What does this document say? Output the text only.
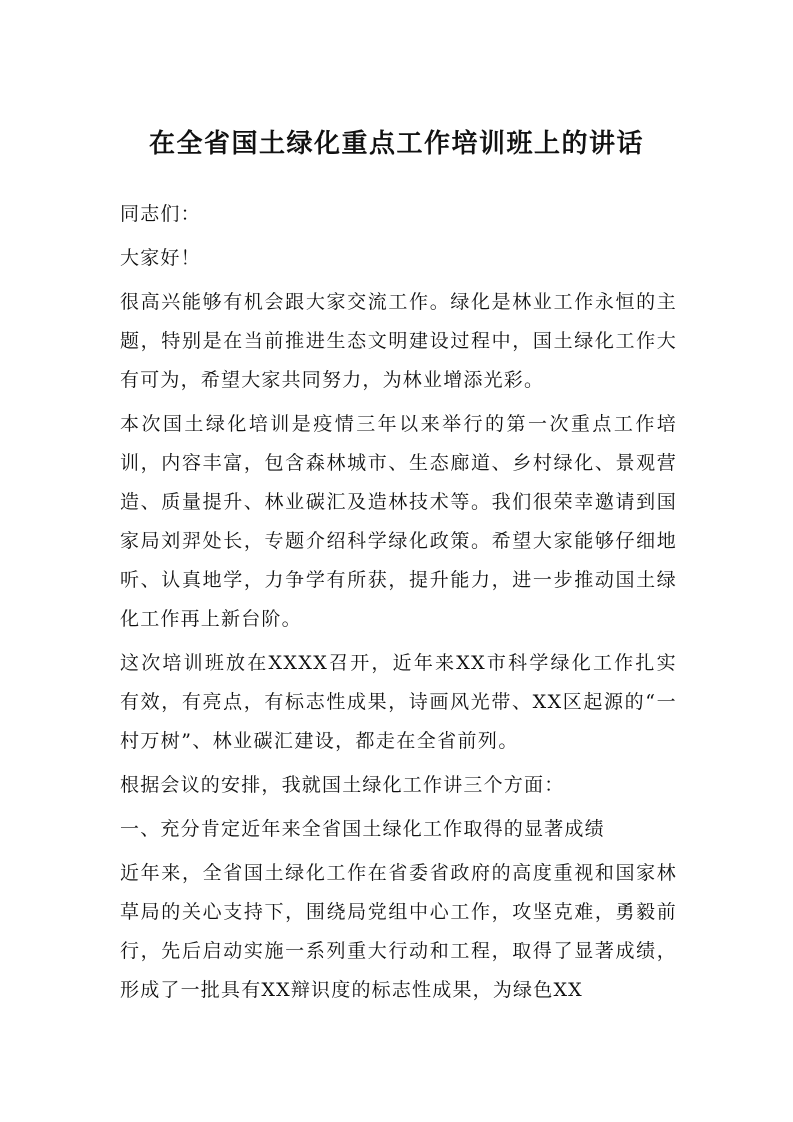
在全省国土绿化重点工作培训班上的讲话

同志们：

大家好！

很高兴能够有机会跟大家交流工作。绿化是林业工作永恒的主题，特别是在当前推进生态文明建设过程中，国土绿化工作大有可为，希望大家共同努力，为林业增添光彩。

本次国土绿化培训是疫情三年以来举行的第一次重点工作培训，内容丰富，包含森林城市、生态廊道、乡村绿化、景观营造、质量提升、林业碳汇及造林技术等。我们很荣幸邀请到国家局刘羿处长，专题介绍科学绿化政策。希望大家能够仔细地听、认真地学，力争学有所获，提升能力，进一步推动国土绿化工作再上新台阶。

这次培训班放在XXXX召开，近年来XX市科学绿化工作扎实有效，有亮点，有标志性成果，诗画风光带、XX区起源的“一村万树”、林业碳汇建设，都走在全省前列。

根据会议的安排，我就国土绿化工作讲三个方面：

一、充分肯定近年来全省国土绿化工作取得的显著成绩

近年来，全省国土绿化工作在省委省政府的高度重视和国家林草局的关心支持下，围绕局党组中心工作，攻坚克难，勇毅前行，先后启动实施一系列重大行动和工程，取得了显著成绩，形成了一批具有XX辩识度的标志性成果，为绿色XX
